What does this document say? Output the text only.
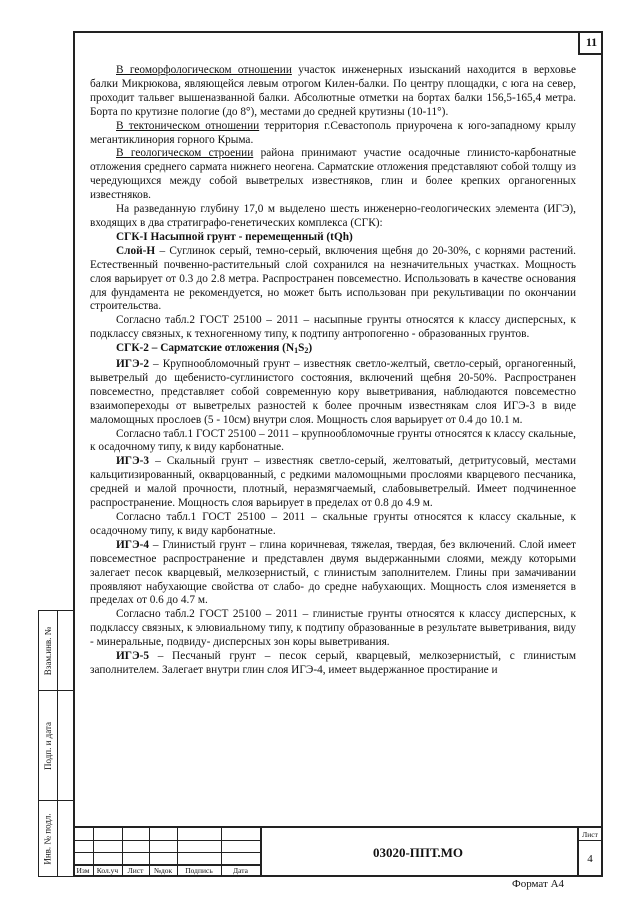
11

В геоморфологическом отношении участок инженерных изысканий находится в верховье балки Микрюкова, являющейся левым отрогом Килен-балки. По центру площадки, с юга на север, проходит тальвег вышеназванной балки. Абсолютные отметки на бортах балки 156,5-165,4 метра. Борта по крутизне пологие (до 8°), местами до средней крутизны (10-11°).

В тектоническом отношении территория г.Севастополь приурочена к юго-западному крылу мегантиклинория горного Крыма.

В геологическом строении района принимают участие осадочные глинисто-карбонатные отложения среднего сармата нижнего неогена. Сарматские отложения представляют собой толщу из чередующихся между собой выветрелых известняков, глин и более крепких органогенных известняков.

На разведанную глубину 17,0 м выделено шесть инженерно-геологических элемента (ИГЭ), входящих в два стратиграфо-генетических комплекса (СГК):

СГК-I Насыпной грунт - перемещенный (tQh)

Слой-Н – Суглинок серый, темно-серый, включения щебня до 20-30%, с корнями растений. Естественный почвенно-растительный слой сохранился на незначительных участках. Мощность слоя варьирует от 0.3 до 2.8 метра. Распространен повсеместно. Использовать в качестве основания для фундамента не рекомендуется, но может быть использован при рекультивации по окончании строительства.

Согласно табл.2 ГОСТ 25100 – 2011 – насыпные грунты относятся к классу дисперсных, к подклассу связных, к техногенному типу, к подтипу антропогенно - образованных грунтов.

СГК-2 – Сарматские отложения $(N_1S_2)$

ИГЭ-2 – Крупнообломочный грунт – известняк светло-желтый, светло-серый, органогенный, выветрелый до щебенисто-суглинистого состояния, включений щебня 20-50%. Распространен повсеместно, представляет собой современную кору выветривания, наблюдаются повсеместно взаимопереходы от выветрелых разностей к более прочным известнякам слоя ИГЭ-3 в виде маломощных прослоев (5 - 10см) внутри слоя. Мощность слоя варьирует от 0.4 до 10.1 м.

Согласно табл.1 ГОСТ 25100 – 2011 – крупнообломочные грунты относятся к классу скальные, к осадочному типу, к виду карбонатные.

ИГЭ-3 – Скальный грунт – известняк светло-серый, желтоватый, детритусовый, местами кальцитизированный, окварцованный, с редкими маломощными прослоями кварцевого песчаника, средней и малой прочности, плотный, неразмягчаемый, слабовыветрелый. Имеет подчиненное распространение. Мощность слоя варьирует в пределах от 0.8 до 4.9 м.

Согласно табл.1 ГОСТ 25100 – 2011 – скальные грунты относятся к классу скальные, к осадочному типу, к виду карбонатные.

ИГЭ-4 – Глинистый грунт – глина коричневая, тяжелая, твердая, без включений. Слой имеет повсеместное распространение и представлен двумя выдержанными слоями, между которыми залегает песок кварцевый, мелкозернистый, с глинистым заполнителем. Глины при замачивании проявляют набухающие свойства от слабо- до средне набухающих. Мощность слоя изменяется в пределах от 0.6 до 4.7 м.

Согласно табл.2 ГОСТ 25100 – 2011 – глинистые грунты относятся к классу дисперсных, к подклассу связных, к элювиальному типу, к подтипу образованные в результате выветривания, виду - минеральные, подвиду- дисперсных зон коры выветривания.

ИГЭ-5 – Песчаный грунт – песок серый, кварцевый, мелкозернистый, с глинистым заполнителем. Залегает внутри глин слоя ИГЭ-4, имеет выдержанное простирание и

Взам.инв. №
Подп. и дата
Инв. № подл.
Изм Кол.уч	Лист	№док	Подпись	Дата
03020-ППТ.МО
Лист
4
Формат А4
